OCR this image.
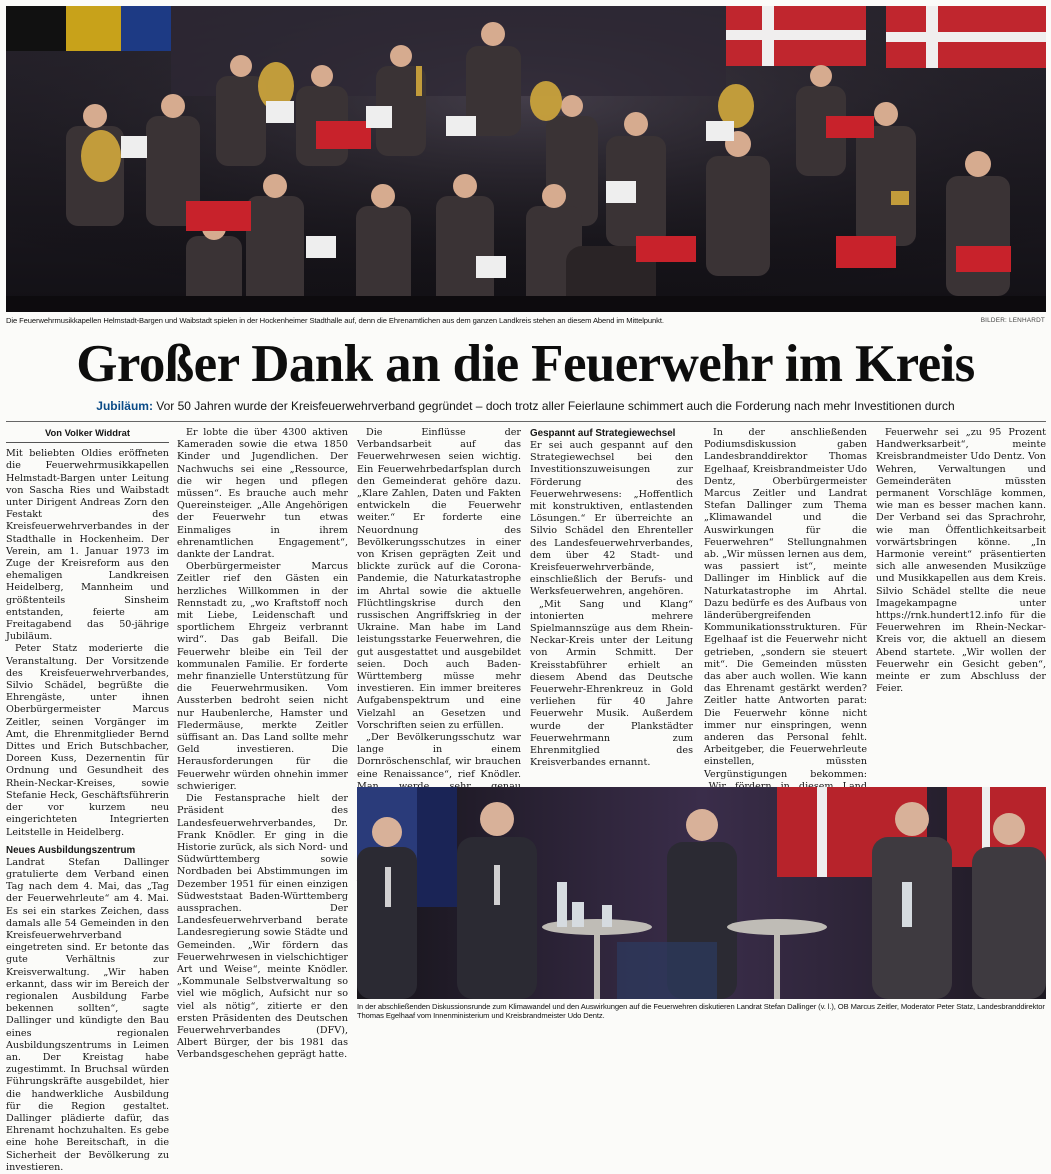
Die Feuerwehrmusikkapellen Helmstadt-Bargen und Waibstadt spielen in der Hockenheimer Stadthalle auf, denn die Ehrenamtlichen aus dem ganzen Landkreis stehen an diesem Abend im Mittelpunkt.	BILDER: LENHARDT
Großer Dank an die Feuerwehr im Kreis
Jubiläum: Vor 50 Jahren wurde der Kreisfeuerwehrverband gegründet – doch trotz aller Feierlaune schimmert auch die Forderung nach mehr Investitionen durch

Von Volker Widdrat

Mit beliebten Oldies eröffneten die Feuerwehrmusikkapellen Helmstadt-Bargen unter Leitung von Sascha Ries und Waibstadt unter Dirigent Andreas Zorn den Festakt des Kreisfeuerwehrverbandes in der Stadthalle in Hockenheim. Der Verein, am 1. Januar 1973 im Zuge der Kreisreform aus den ehemaligen Landkreisen Heidelberg, Mannheim und größtenteils Sinsheim entstanden, feierte am Freitagabend das 50-jährige Jubiläum.

Peter Statz moderierte die Veranstaltung. Der Vorsitzende des Kreisfeuerwehrverbandes, Silvio Schädel, begrüßte die Ehrengäste, unter ihnen Oberbürgermeister Marcus Zeitler, seinen Vorgänger im Amt, die Ehrenmitglieder Bernd Dittes und Erich Butschbacher, Doreen Kuss, Dezernentin für Ordnung und Gesundheit des Rhein-Neckar-Kreises, sowie Stefanie Heck, Geschäftsführerin der vor kurzem neu eingerichteten Integrierten Leitstelle in Heidelberg.

Neues Ausbildungszentrum

Landrat Stefan Dallinger gratulierte dem Verband einen Tag nach dem 4. Mai, das „Tag der Feuerwehrleute“ am 4. Mai. Es sei ein starkes Zeichen, dass damals alle 54 Gemeinden in den Kreisfeuerwehrverband eingetreten sind. Er betonte das gute Verhältnis zur Kreisverwaltung. „Wir haben erkannt, dass wir im Bereich der regionalen Ausbildung Farbe bekennen sollten“, sagte Dallinger und kündigte den Bau eines regionalen Ausbildungszentrums in Leimen an. Der Kreistag habe zugestimmt. In Bruchsal würden Führungskräfte ausgebildet, hier die handwerkliche Ausbildung für die Region gestaltet. Dallinger plädierte dafür, das Ehrenamt hochzuhalten. Es gebe eine hohe Bereitschaft, in die Sicherheit der Bevölkerung zu investieren.

Er lobte die über 4300 aktiven Kameraden sowie die etwa 1850 Kinder und Jugendlichen. Der Nachwuchs sei eine „Ressource, die wir hegen und pflegen müssen“. Es brauche auch mehr Quereinsteiger. „Alle Angehörigen der Feuerwehr tun etwas Einmaliges in ihrem ehrenamtlichen Engagement“, dankte der Landrat.

Oberbürgermeister Marcus Zeitler rief den Gästen ein herzliches Willkommen in der Rennstadt zu, „wo Kraftstoff noch mit Liebe, Leidenschaft und sportlichem Ehrgeiz verbrannt wird“. Das gab Beifall. Die Feuerwehr bleibe ein Teil der kommunalen Familie. Er forderte mehr finanzielle Unterstützung für die Feuerwehrmusiken. Vom Aussterben bedroht seien nicht nur Haubenlerche, Hamster und Fledermäuse, merkte Zeitler süffisant an. Das Land sollte mehr Geld investieren. Die Herausforderungen für die Feuerwehr würden ohnehin immer schwieriger.

Die Festansprache hielt der Präsident des Landesfeuerwehrverbandes, Dr. Frank Knödler. Er ging in die Historie zurück, als sich Nord- und Südwürttemberg sowie Nordbaden bei Abstimmungen im Dezember 1951 für einen einzigen Südweststaat Baden-Württemberg aussprachen. Der Landesfeuerwehrverband berate Landesregierung sowie Städte und Gemeinden. „Wir fördern das Feuerwehrwesen in vielschichtiger Art und Weise“, meinte Knödler. „Kommunale Selbstverwaltung so viel wie möglich, Aufsicht nur so viel als nötig“, zitierte er den ersten Präsidenten des Deutschen Feuerwehrverbandes (DFV), Albert Bürger, der bis 1981 das Verbandsgeschehen geprägt hatte.

Die Einflüsse der Verbandsarbeit auf das Feuerwehrwesen seien wichtig. Ein Feuerwehrbedarfsplan durch den Gemeinderat gehöre dazu. „Klare Zahlen, Daten und Fakten entwickeln die Feuerwehr weiter.“ Er forderte eine Neuordnung des Bevölkerungsschutzes in einer von Krisen geprägten Zeit und blickte zurück auf die Corona-Pandemie, die Naturkatastrophe im Ahrtal sowie die aktuelle Flüchtlingskrise durch den russischen Angriffskrieg in der Ukraine. Man habe im Land leistungsstarke Feuerwehren, die gut ausgestattet und ausgebildet seien. Doch auch Baden-Württemberg müsse mehr investieren. Ein immer breiteres Aufgabenspektrum und eine Vielzahl an Gesetzen und Vorschriften seien zu erfüllen.

„Der Bevölkerungsschutz war lange in einem Dornröschenschlaf, wir brauchen eine Renaissance“, rief Knödler.

Gespannt auf Strategiewechsel

Er sei auch gespannt auf den Strategiewechsel bei den Investitionszuweisungen zur Förderung des Feuerwehrwesens: „Hoffentlich mit konstruktiven, entlastenden Lösungen.“ Er überreichte an Silvio Schädel den Ehrenteller des Landesfeuerwehrverbandes, dem über 42 Stadt- und Kreisfeuerwehrverbände, einschließlich der Berufs- und Werksfeuerwehren, angehören.

„Mit Sang und Klang“ intonierten mehrere Spielmannszüge aus dem Rhein-Neckar-Kreis unter der Leitung von Armin Schmitt. Der Kreisstabführer erhielt an diesem Abend das Deutsche Feuerwehr-Ehrenkreuz in Gold verliehen für 40 Jahre Feuerwehr Musik. Außerdem wurde der Plankstädter Feuerwehrmann zum Ehrenmitglied des Kreisverbandes ernannt.

In der anschließenden Podiumsdiskussion gaben Landesbranddirektor Thomas Egelhaaf, Kreisbrandmeister Udo Dentz, Oberbürgermeister Marcus Zeitler und Landrat Stefan Dallinger zum Thema „Klimawandel und die Auswirkungen für die Feuerwehren“ Stellungnahmen ab. „Wir müssen lernen aus dem, was passiert ist“, meinte Dallinger im Hinblick auf die Naturkatastrophe im Ahrtal. Dazu bedürfe es des Aufbaus von länderübergreifenden Kommunikationsstrukturen. Für Egelhaaf ist die Feuerwehr nicht getrieben, „sondern sie steuert mit“. Die Gemeinden müssten das aber auch wollen. Wie kann das Ehrenamt gestärkt werden? Zeitler hatte Antworten parat: Die Feuerwehr könne nicht immer nur einspringen, wenn anderen das Personal fehlt. Arbeitgeber, die Feuerwehrleute einstellen, müssten Vergünstigungen bekommen:

Feuerwehr sei „zu 95 Prozent Handwerksarbeit“, meinte Kreisbrandmeister Udo Dentz. Von Wehren, Verwaltungen und Gemeinderäten müssten permanent Vorschläge kommen, wie man es besser machen kann. Der Verband sei das Sprachrohr, wie man Öffentlichkeitsarbeit vorwärtsbringen könne. „In Harmonie vereint“ präsentierten sich alle anwesenden Musikzüge und Musikkapellen aus dem Kreis. Silvio Schädel stellte die neue Imagekampagne unter https://rnk.hundert12.info für die Feuerwehren im Rhein-Neckar-Kreis vor, die aktuell an diesem Abend startete. „Wir wollen der Feuerwehr ein Gesicht geben“, meinte er zum Abschluss der Feier.

In der abschließenden Diskussionsrunde zum Klimawandel und den Auswirkungen auf die Feuerwehren diskutieren Landrat Stefan Dallinger (v. l.), OB Marcus Zeitler, Moderator Peter Statz, Landesbranddirektor Thomas Egelhaaf vom Innenministerium und Kreisbrandmeister Udo Dentz.
